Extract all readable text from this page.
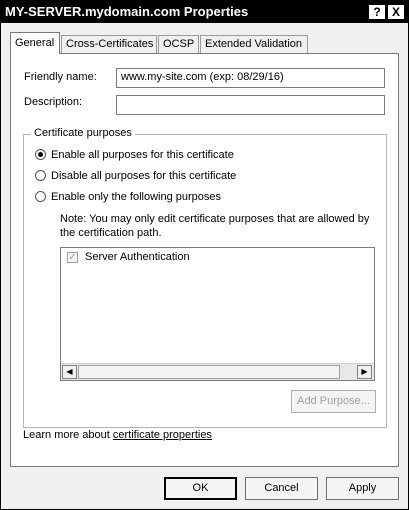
MY-SERVER.mydomain.com Properties	? X
General	Cross-Certificates OCSP Extended Validation
Friendly name:	www.my-site.com (exp: 08/29/16)
Description:
Certificate purposes
Enable all purposes for this certificate
Disable all purposes for this certificate
Enable only the following purposes
Note: You may only edit certificate purposes that are allowed by the certification path.
✓ Server Authentication
◀	▶
Add Purpose...
Learn more about certificate properties
OK	Cancel	Apply
